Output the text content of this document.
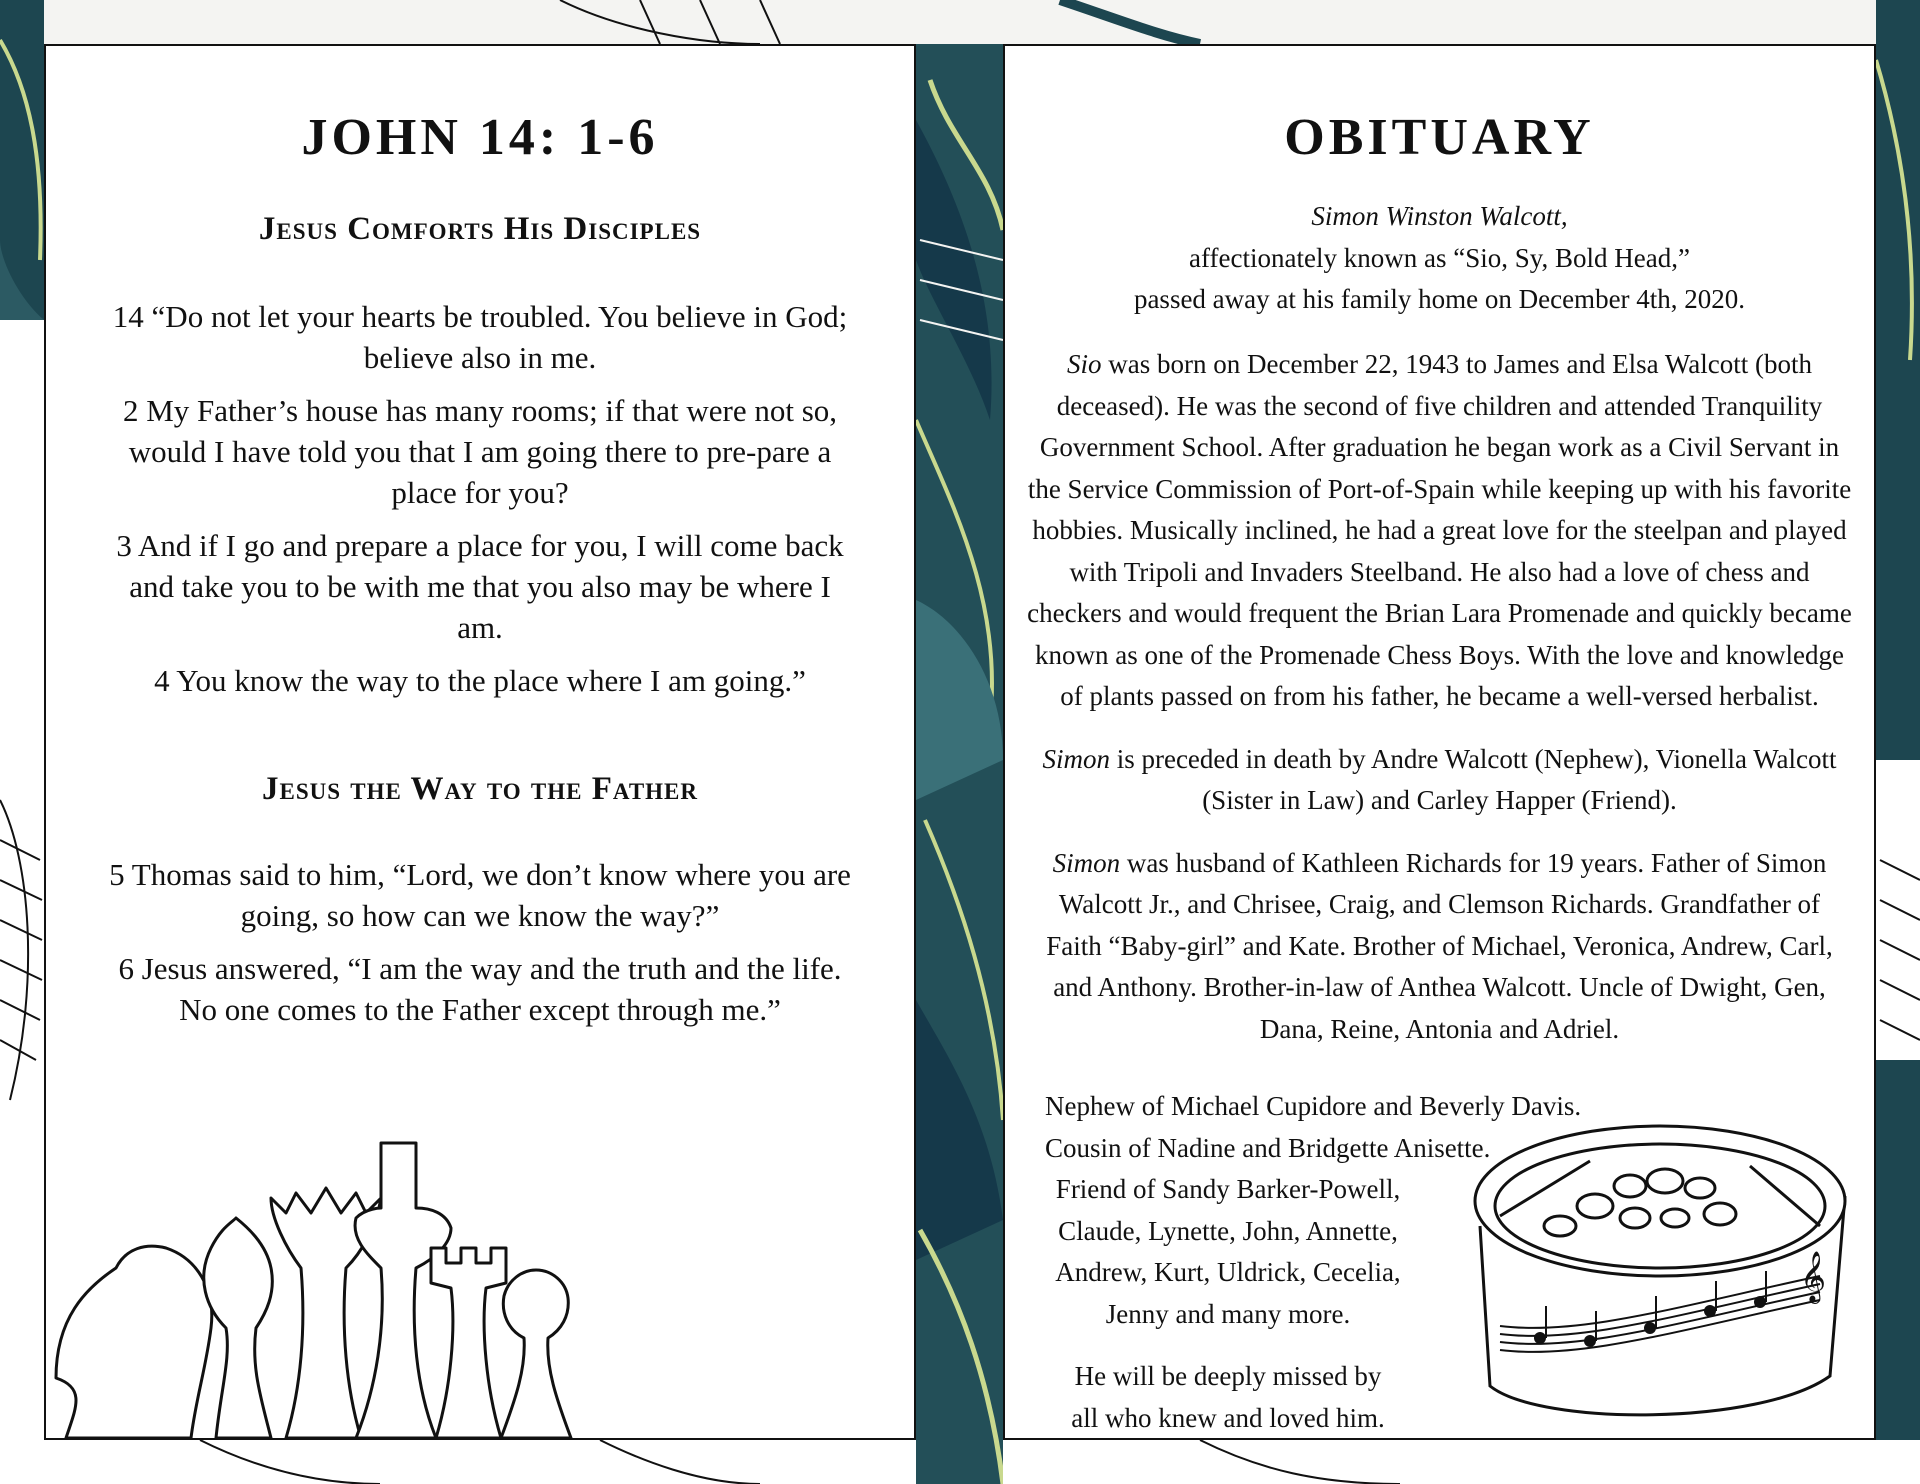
JOHN 14: 1-6
Jesus Comforts His Disciples

14 “Do not let your hearts be troubled. You believe in God; believe also in me.

2 My Father’s house has many rooms; if that were not so, would I have told you that I am going there to pre-pare a place for you?

3 And if I go and prepare a place for you, I will come back and take you to be with me that you also may be where I am.

4 You know the way to the place where I am going.”

Jesus the Way to the Father

5 Thomas said to him, “Lord, we don’t know where you are going, so how can we know the way?”

6 Jesus answered, “I am the way and the truth and the life. No one comes to the Father except through me.”

OBITUARY

Simon Winston Walcott,
affectionately known as “Sio, Sy, Bold Head,”
passed away at his family home on December 4th, 2020.

Sio was born on December 22, 1943 to James and Elsa Walcott (both deceased). He was the second of five children and attended Tranquility Government School. After graduation he began work as a Civil Servant in the Service Commission of Port-of-Spain while keeping up with his favorite hobbies. Musically inclined, he had a great love for the steelpan and played with Tripoli and Invaders Steelband. He also had a love of chess and checkers and would frequent the Brian Lara Promenade and quickly became known as one of the Promenade Chess Boys. With the love and knowledge of plants passed on from his father, he became a well-versed herbalist.

Simon is preceded in death by Andre Walcott (Nephew), Vionella Walcott (Sister in Law) and Carley Happer (Friend).

Simon was husband of Kathleen Richards for 19 years. Father of Simon Walcott Jr., and Chrisee, Craig, and Clemson Richards. Grandfather of Faith “Baby-girl” and Kate. Brother of Michael, Veronica, Andrew, Carl, and Anthony. Brother-in-law of Anthea Walcott. Uncle of Dwight, Gen, Dana, Reine, Antonia and Adriel.

Nephew of Michael Cupidore and Beverly Davis.
Cousin of Nadine and Bridgette Anisette.

Friend of Sandy Barker-Powell, Claude, Lynette, John, Annette, Andrew, Kurt, Uldrick, Cecelia, Jenny and many more.

He will be deeply missed by all who knew and loved him.

𝄞
